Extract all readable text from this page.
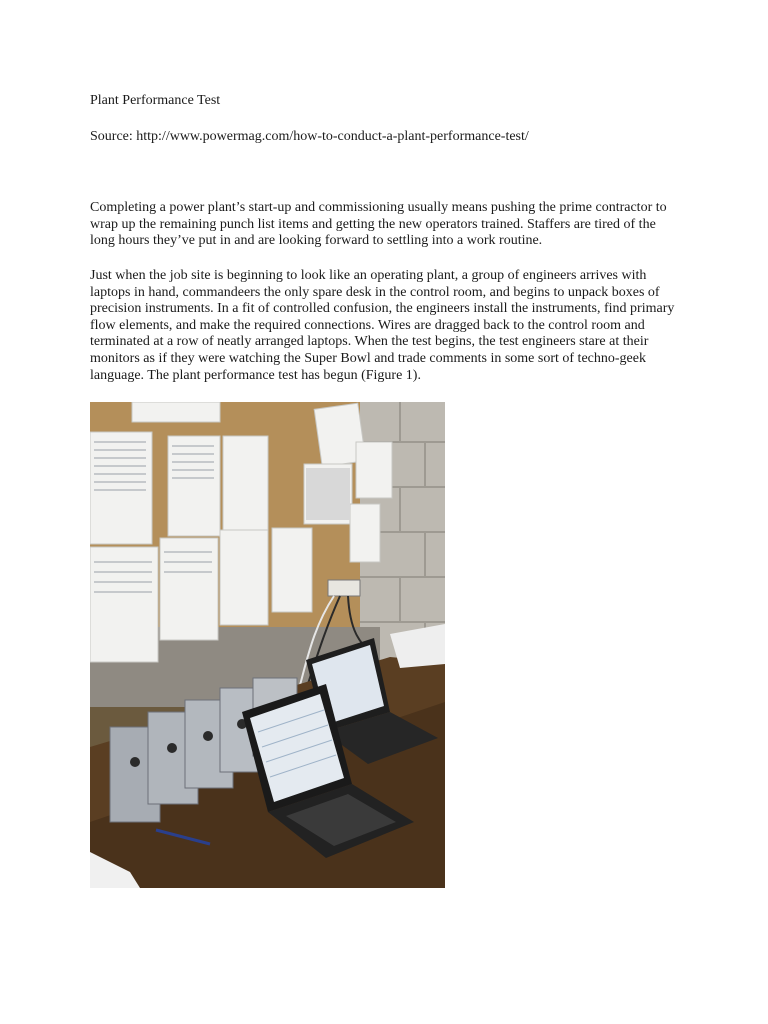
Plant Performance Test
Source: http://www.powermag.com/how-to-conduct-a-plant-performance-test/

Completing a power plant’s start-up and commissioning usually means pushing the prime contractor to wrap up the remaining punch list items and getting the new operators trained. Staffers are tired of the long hours they’ve put in and are looking forward to settling into a work routine.

Just when the job site is beginning to look like an operating plant, a group of engineers arrives with laptops in hand, commandeers the only spare desk in the control room, and begins to unpack boxes of precision instruments. In a fit of controlled confusion, the engineers install the instruments, find primary flow elements, and make the required connections. Wires are dragged back to the control room and terminated at a row of neatly arranged laptops. When the test begins, the test engineers stare at their monitors as if they were watching the Super Bowl and trade comments in some sort of techno-geek language. The plant performance test has begun (Figure 1).
